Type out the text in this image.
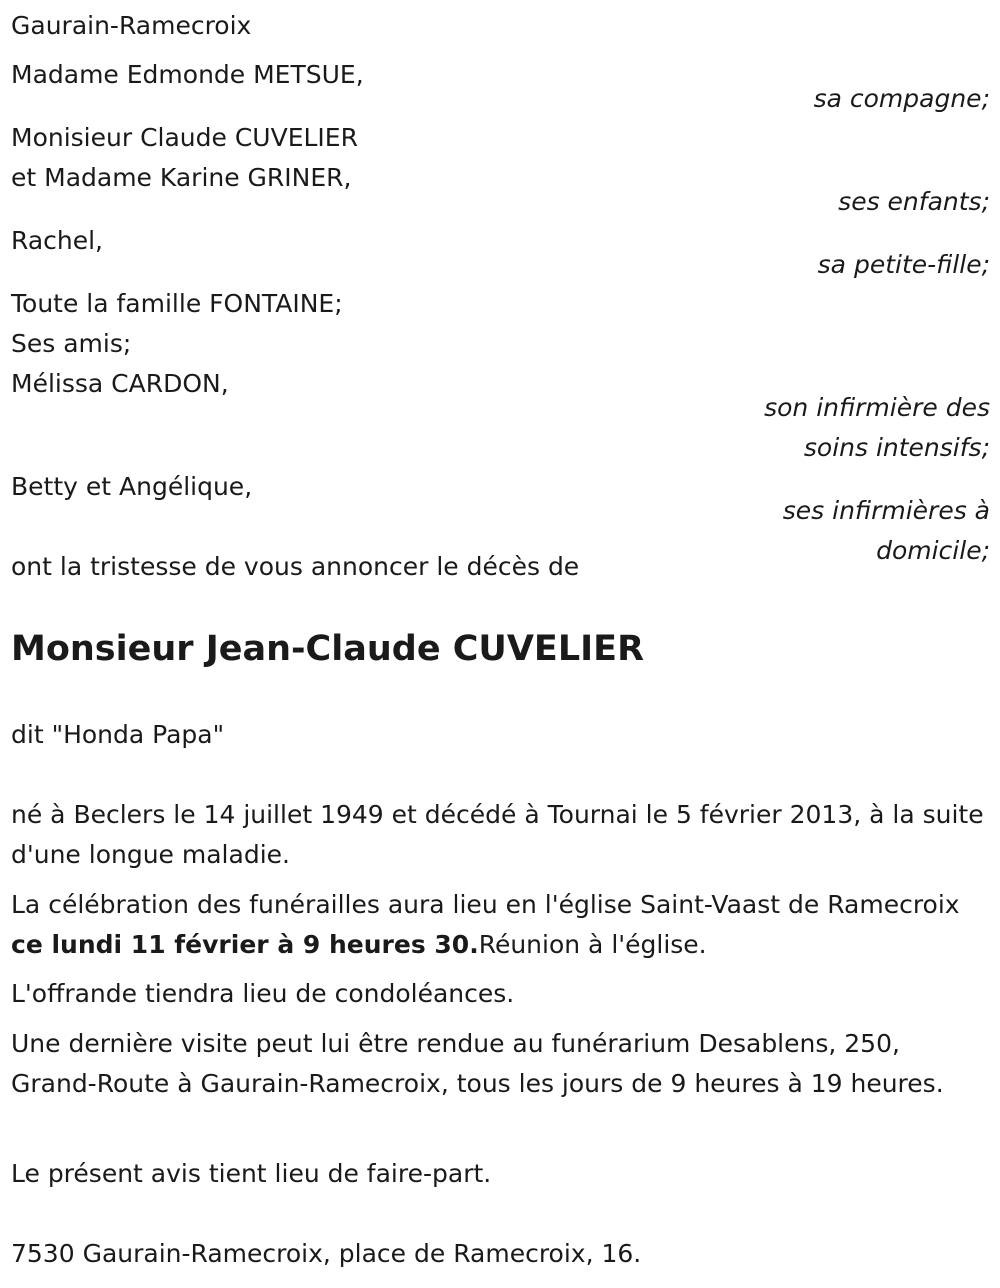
Gaurain-Ramecroix
Madame Edmonde METSUE,
sa compagne;
Monisieur Claude CUVELIER
et Madame Karine GRINER,
ses enfants;
Rachel,
sa petite-fille;
Toute la famille FONTAINE;
Ses amis;
Mélissa CARDON,
son infirmière des
soins intensifs;
Betty et Angélique,
ses infirmières à
domicile;
ont la tristesse de vous annoncer le décès de
Monsieur Jean-Claude CUVELIER
dit "Honda Papa"
né à Beclers le 14 juillet 1949 et décédé à Tournai le 5 février 2013, à la suite d'une longue maladie.
La célébration des funérailles aura lieu en l'église Saint-Vaast de Ramecroix ce lundi 11 février à 9 heures 30.Réunion à l'église.
L'offrande tiendra lieu de condoléances.
Une dernière visite peut lui être rendue au funérarium Desablens, 250, Grand-Route à Gaurain-Ramecroix, tous les jours de 9 heures à 19 heures.
Le présent avis tient lieu de faire-part.
7530 Gaurain-Ramecroix, place de Ramecroix, 16.
